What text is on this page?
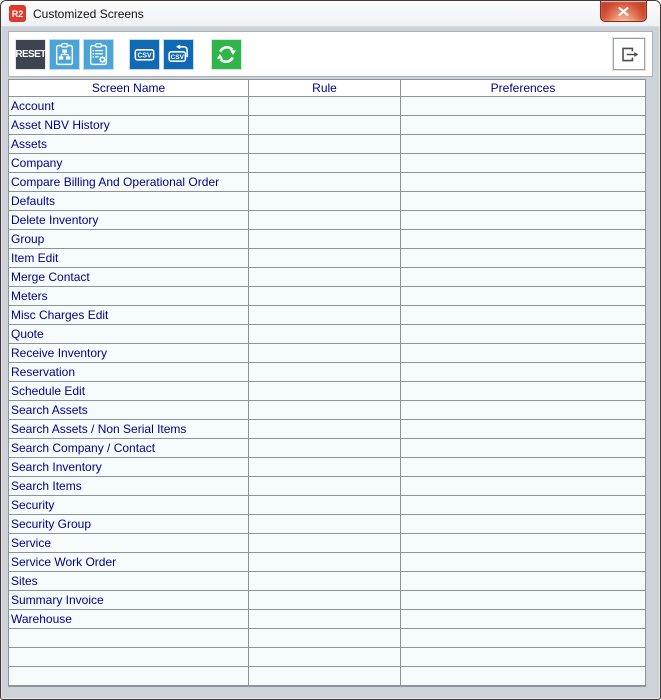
R2 Customized Screens
RESET	CSV	CSV
Screen Name	Rule	Preferences
Account
Asset NBV History
Assets
Company
Compare Billing And Operational Order
Defaults
Delete Inventory
Group
Item Edit
Merge Contact
Meters
Misc Charges Edit
Quote
Receive Inventory
Reservation
Schedule Edit
Search Assets
Search Assets / Non Serial Items
Search Company / Contact
Search Inventory
Search Items
Security
Security Group
Service
Service Work Order
Sites
Summary Invoice
Warehouse
